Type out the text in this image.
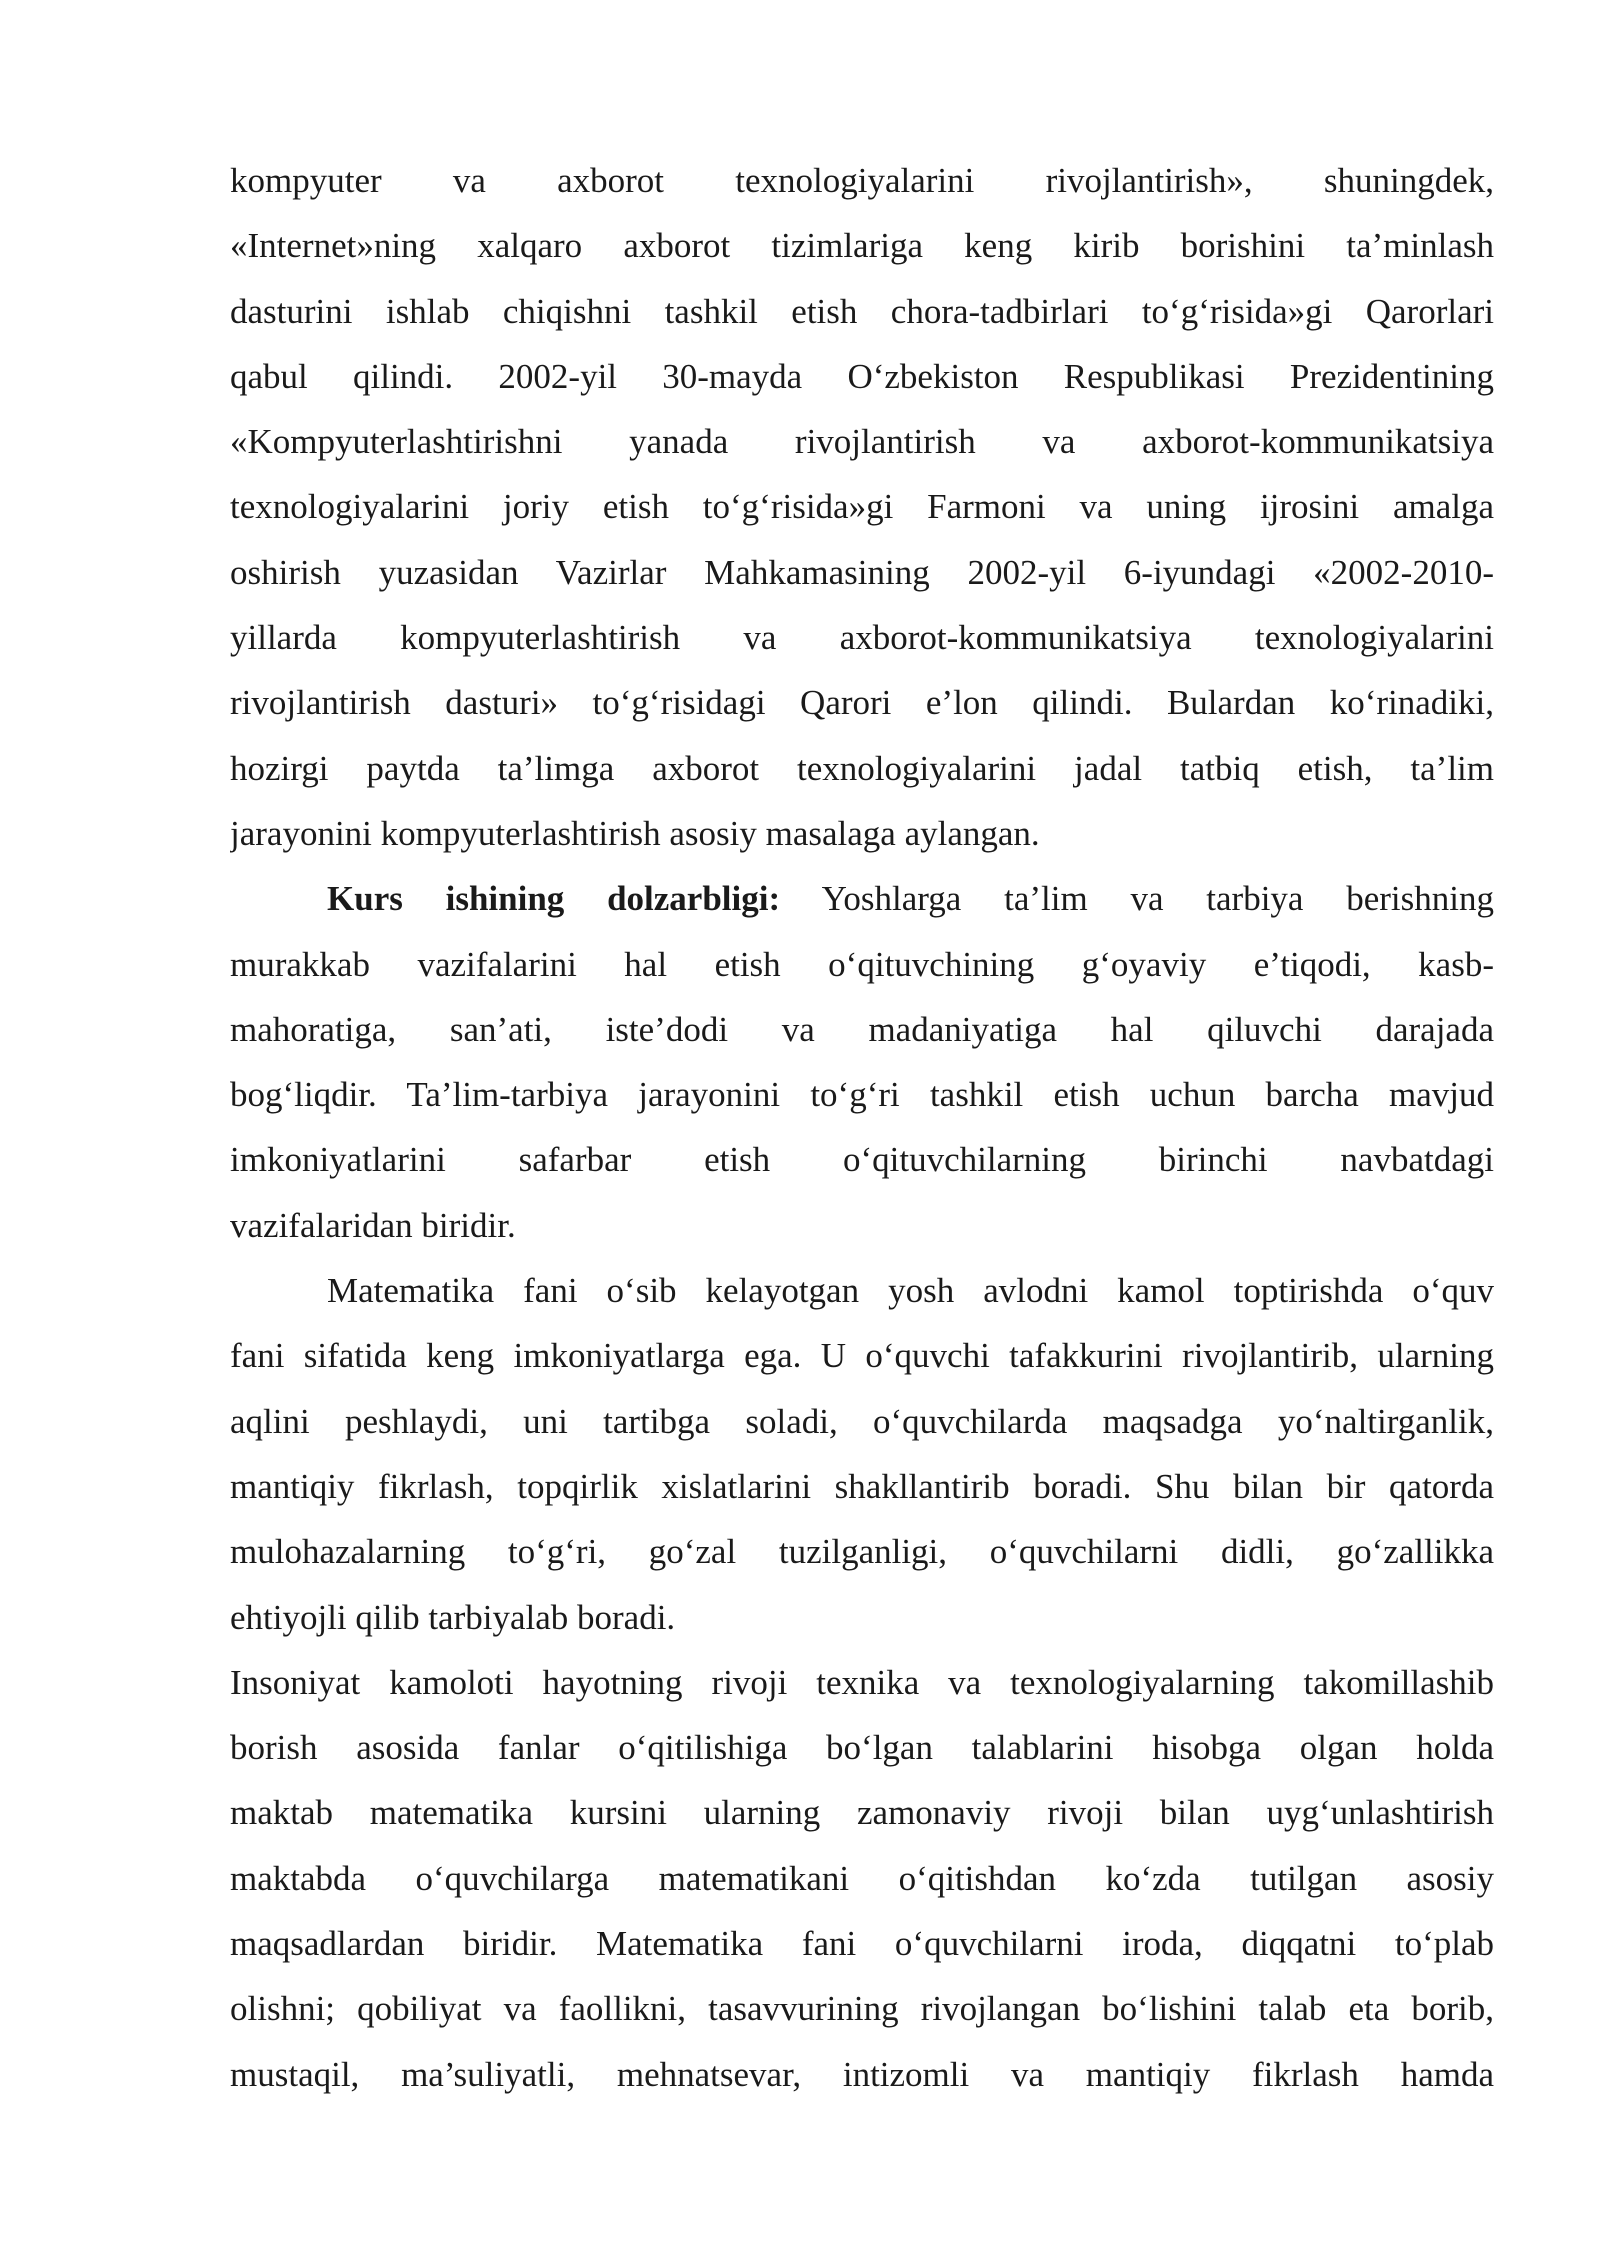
kompyuter va axborot texnologiyalarini rivojlantirish», shuningdek,
«Internet»ning xalqaro axborot tizimlariga keng kirib borishini ta’minlash
dasturini ishlab chiqishni tashkil etish chora-tadbirlari to‘g‘risida»gi Qarorlari
qabul qilindi. 2002-yil 30-mayda O‘zbekiston Respublikasi Prezidentining
«Kompyuterlashtirishni yanada rivojlantirish va axborot-kommunikatsiya
texnologiyalarini joriy etish to‘g‘risida»gi Farmoni va uning ijrosini amalga
oshirish yuzasidan Vazirlar Mahkamasining 2002-yil 6-iyundagi «2002-2010-
yillarda kompyuterlashtirish va axborot-kommunikatsiya texnologiyalarini
rivojlantirish dasturi» to‘g‘risidagi Qarori e’lon qilindi. Bulardan ko‘rinadiki,
hozirgi paytda ta’limga axborot texnologiyalarini jadal tatbiq etish, ta’lim
jarayonini kompyuterlashtirish asosiy masalaga aylangan.
Kurs ishining dolzarbligi: Yoshlarga ta’lim va tarbiya berishning
murakkab vazifalarini hal etish o‘qituvchining g‘oyaviy e’tiqodi, kasb-
mahoratiga, san’ati, iste’dodi va madaniyatiga hal qiluvchi darajada
bog‘liqdir. Ta’lim-tarbiya jarayonini to‘g‘ri tashkil etish uchun barcha mavjud
imkoniyatlarini safarbar etish o‘qituvchilarning birinchi navbatdagi
vazifalaridan biridir.
Matematika fani o‘sib kelayotgan yosh avlodni kamol toptirishda o‘quv
fani sifatida keng imkoniyatlarga ega. U o‘quvchi tafakkurini rivojlantirib, ularning
aqlini peshlaydi, uni tartibga soladi, o‘quvchilarda maqsadga yo‘naltirganlik,
mantiqiy fikrlash, topqirlik xislatlarini shakllantirib boradi. Shu bilan bir qatorda
mulohazalarning to‘g‘ri, go‘zal tuzilganligi, o‘quvchilarni didli, go‘zallikka
ehtiyojli qilib tarbiyalab boradi.
Insoniyat kamoloti hayotning rivoji texnika va texnologiyalarning takomillashib
borish asosida fanlar o‘qitilishiga bo‘lgan talablarini hisobga olgan holda
maktab matematika kursini ularning zamonaviy rivoji bilan uyg‘unlashtirish
maktabda o‘quvchilarga matematikani o‘qitishdan ko‘zda tutilgan asosiy
maqsadlardan biridir. Matematika fani o‘quvchilarni iroda, diqqatni to‘plab
olishni; qobiliyat va faollikni, tasavvurining rivojlangan bo‘lishini talab eta borib,
mustaqil, ma’suliyatli, mehnatsevar, intizomli va mantiqiy fikrlash hamda
